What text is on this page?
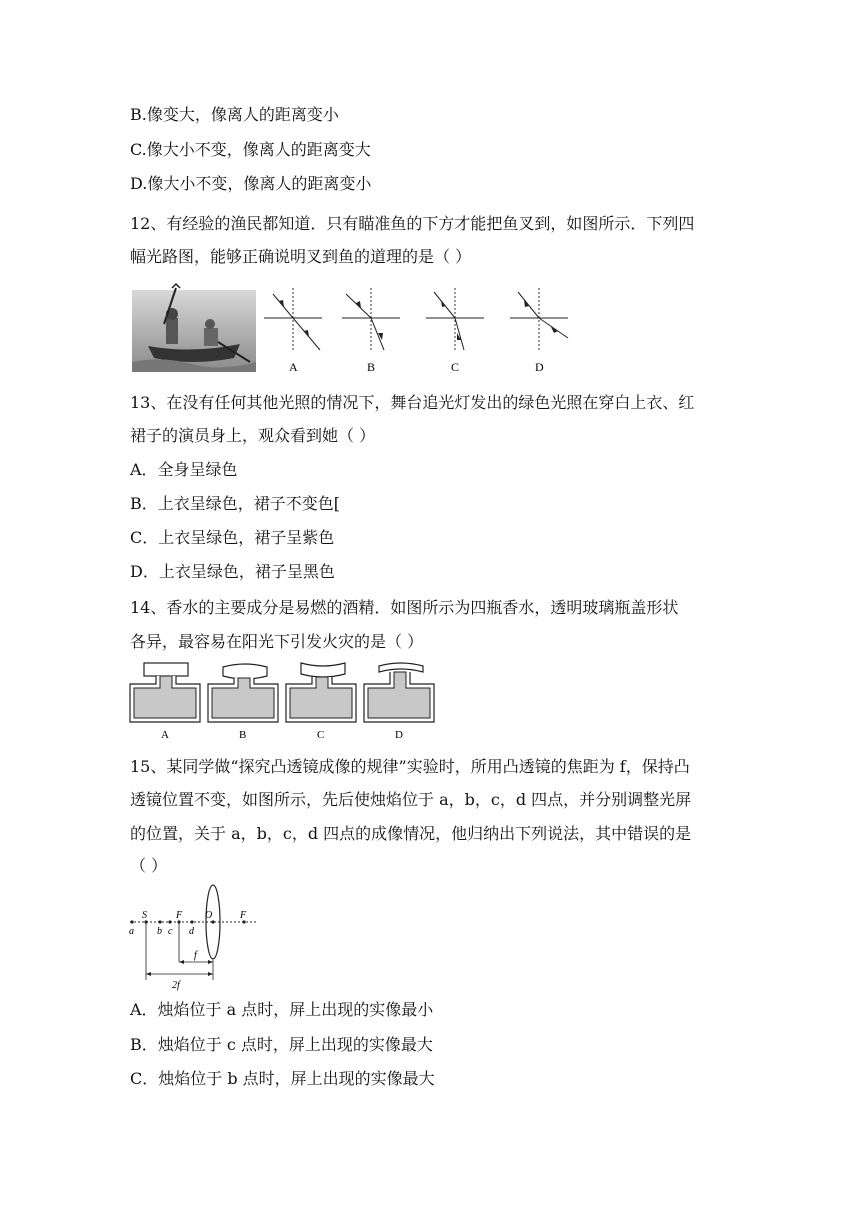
B.像变大，像离人的距离变小
C.像大小不变，像离人的距离变大
D.像大小不变，像离人的距离变小
12、有经验的渔民都知道．只有瞄准鱼的下方才能把鱼叉到，如图所示．下列四
幅光路图，能够正确说明叉到鱼的道理的是（ ）
A	B	C	D
13、在没有任何其他光照的情况下，舞台追光灯发出的绿色光照在穿白上衣、红
裙子的演员身上，观众看到她（ ）
A．全身呈绿色
B．上衣呈绿色，裙子不变色[
C．上衣呈绿色，裙子呈紫色
D．上衣呈绿色，裙子呈黑色
14、香水的主要成分是易燃的酒精．如图所示为四瓶香水，透明玻璃瓶盖形状
各异，最容易在阳光下引发火灾的是（ ）
A	B	C	D
15、某同学做“探究凸透镜成像的规律”实验时，所用凸透镜的焦距为 f，保持凸
透镜位置不变，如图所示，先后使烛焰位于 a，b，c，d 四点，并分别调整光屏
的位置，关于 a，b，c，d 四点的成像情况，他归纳出下列说法，其中错误的是
（ ）
S	F O	F
a b c d
f
2f
A．烛焰位于 a 点时，屏上出现的实像最小
B．烛焰位于 c 点时，屏上出现的实像最大
C．烛焰位于 b 点时，屏上出现的实像最大
